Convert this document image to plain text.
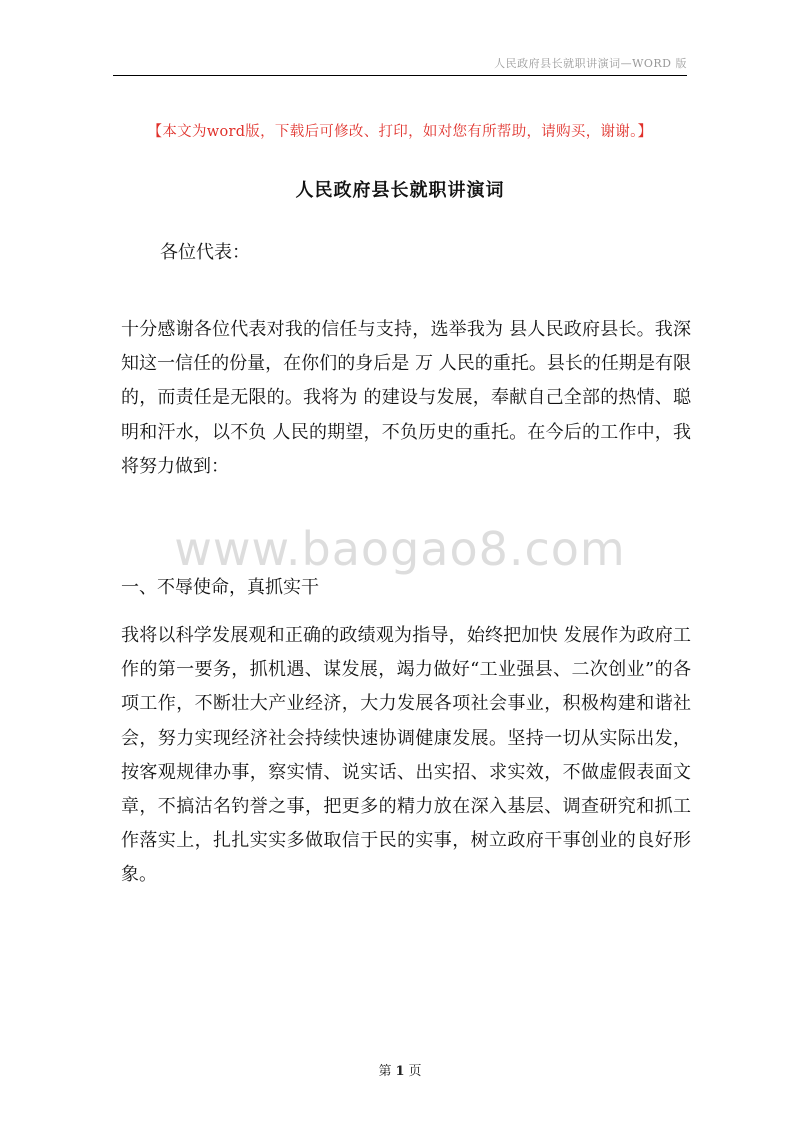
人民政府县长就职讲演词—WORD 版
【本文为word版，下载后可修改、打印，如对您有所帮助，请购买，谢谢。】
人民政府县长就职讲演词
各位代表：

十分感谢各位代表对我的信任与支持，选举我为 县人民政府县长。我深知这一信任的份量，在你们的身后是 万 人民的重托。县长的任期是有限的，而责任是无限的。我将为 的建设与发展，奉献自己全部的热情、聪明和汗水，以不负 人民的期望，不负历史的重托。在今后的工作中，我将努力做到：

www.baogao8.com
一、不辱使命，真抓实干

我将以科学发展观和正确的政绩观为指导，始终把加快 发展作为政府工作的第一要务，抓机遇、谋发展，竭力做好“工业强县、二次创业”的各项工作，不断壮大产业经济，大力发展各项社会事业，积极构建和谐社会，努力实现经济社会持续快速协调健康发展。坚持一切从实际出发，按客观规律办事，察实情、说实话、出实招、求实效，不做虚假表面文章，不搞沽名钓誉之事，把更多的精力放在深入基层、调查研究和抓工作落实上，扎扎实实多做取信于民的实事，树立政府干事创业的良好形象。

第 1 页
